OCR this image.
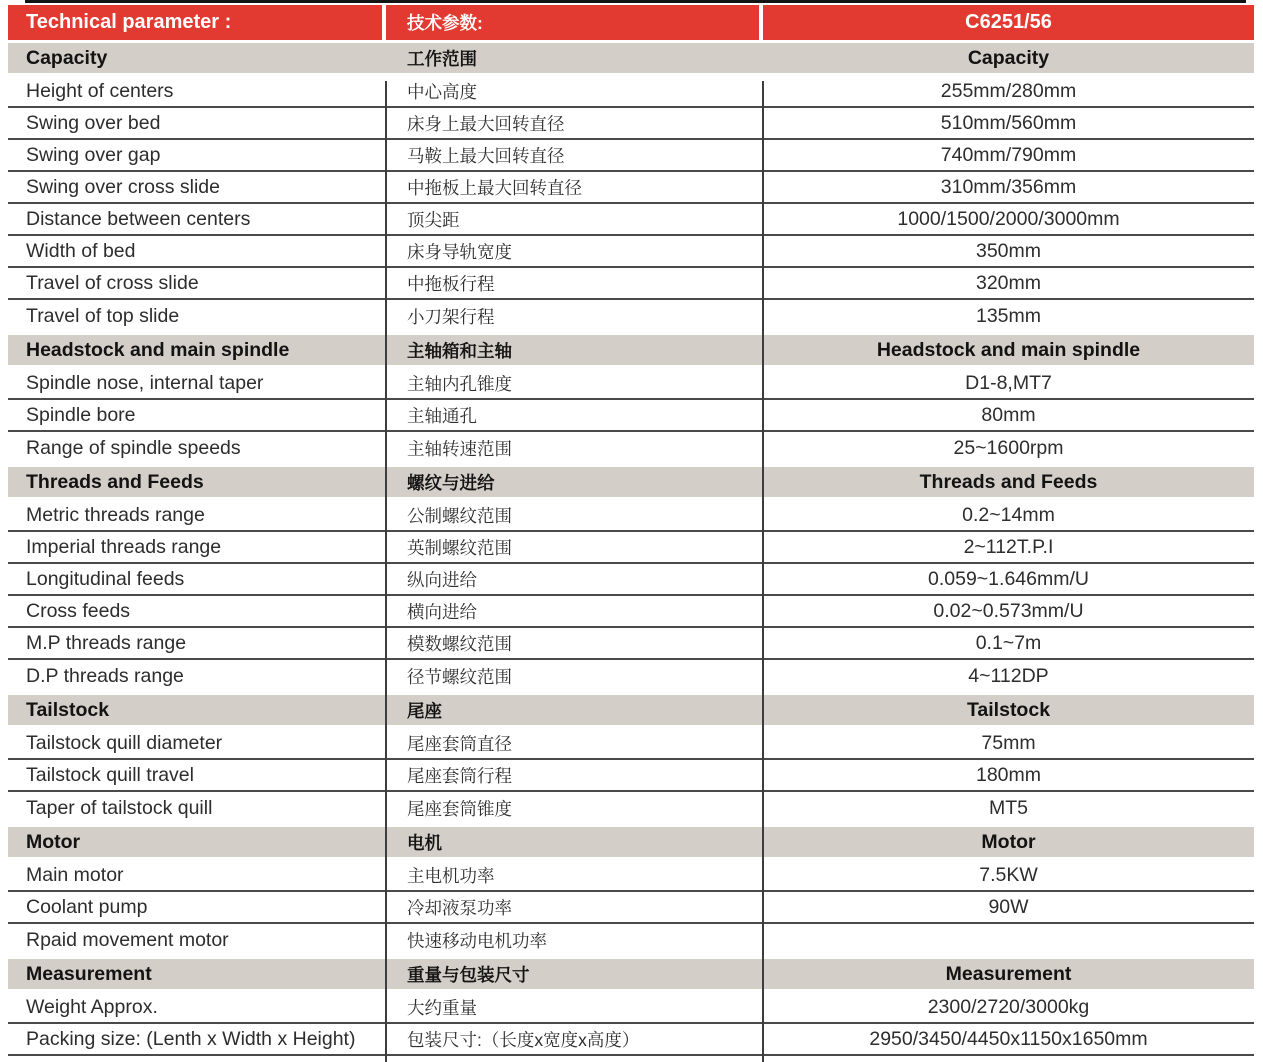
Technical parameter :	技术参数:	C6251/56
Capacity	工作范围	Capacity
Height of centers	中心高度	255mm/280mm
Swing over bed	床身上最大回转直径	510mm/560mm
Swing over gap	马鞍上最大回转直径	740mm/790mm
Swing over cross slide	中拖板上最大回转直径	310mm/356mm
Distance between centers	顶尖距	1000/1500/2000/3000mm
Width of bed	床身导轨宽度	350mm
Travel of cross slide	中拖板行程	320mm
Travel of top slide	小刀架行程	135mm
Headstock and main spindle	主轴箱和主轴	Headstock and main spindle
Spindle nose, internal taper	主轴内孔锥度	D1-8,MT7
Spindle bore	主轴通孔	80mm
Range of spindle speeds	主轴转速范围	25~1600rpm
Threads and Feeds	螺纹与进给	Threads and Feeds
Metric threads range	公制螺纹范围	0.2~14mm
Imperial threads range	英制螺纹范围	2~112T.P.I
Longitudinal feeds	纵向进给	0.059~1.646mm/U
Cross feeds	横向进给	0.02~0.573mm/U
M.P threads range	模数螺纹范围	0.1~7m
D.P threads range	径节螺纹范围	4~112DP
Tailstock	尾座	Tailstock
Tailstock quill diameter	尾座套筒直径	75mm
Tailstock quill travel	尾座套筒行程	180mm
Taper of tailstock quill	尾座套筒锥度	MT5
Motor	电机	Motor
Main motor	主电机功率	7.5KW
Coolant pump	冷却液泵功率	90W
Rpaid movement motor	快速移动电机功率
Measurement	重量与包装尺寸	Measurement
Weight Approx.	大约重量	2300/2720/3000kg
Packing size: (Lenth x Width x Height)	包装尺寸:（长度x宽度x高度）	2950/3450/4450x1150x1650mm
